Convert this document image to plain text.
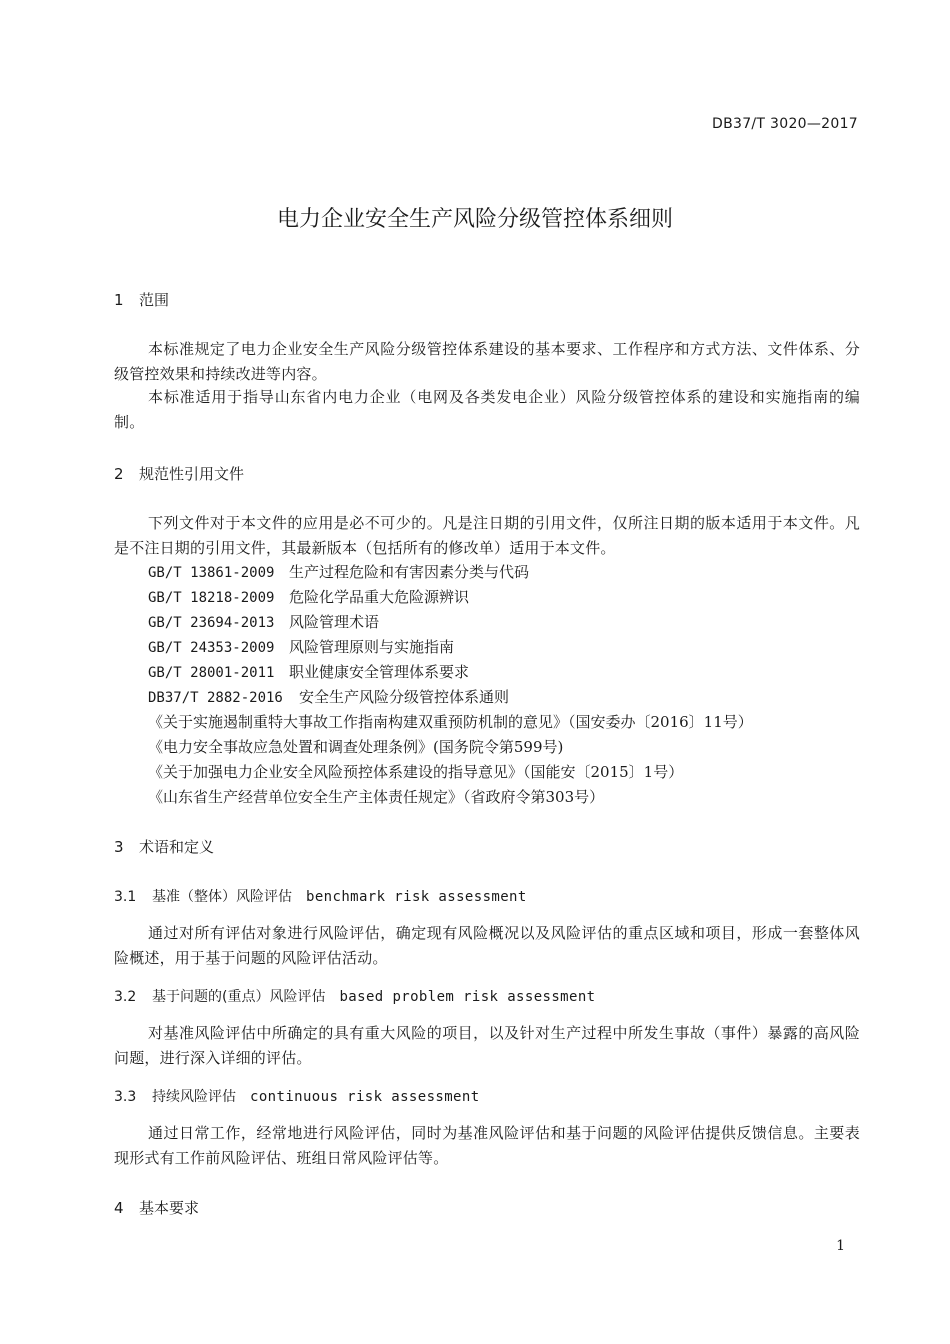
DB37/T 3020—2017
电力企业安全生产风险分级管控体系细则
1 范围
本标准规定了电力企业安全生产风险分级管控体系建设的基本要求、工作程序和方式方法、文件体系、分级管控效果和持续改进等内容。
本标准适用于指导山东省内电力企业（电网及各类发电企业）风险分级管控体系的建设和实施指南的编制。
2 规范性引用文件
下列文件对于本文件的应用是必不可少的。凡是注日期的引用文件，仅所注日期的版本适用于本文件。凡是不注日期的引用文件，其最新版本（包括所有的修改单）适用于本文件。
GB/T 13861-2009 生产过程危险和有害因素分类与代码
GB/T 18218-2009 危险化学品重大危险源辨识
GB/T 23694-2013 风险管理术语
GB/T 24353-2009 风险管理原则与实施指南
GB/T 28001-2011 职业健康安全管理体系要求
DB37/T 2882-2016 安全生产风险分级管控体系通则
《关于实施遏制重特大事故工作指南构建双重预防机制的意见》（国安委办〔2016〕11号）
《电力安全事故应急处置和调查处理条例》(国务院令第599号)
《关于加强电力企业安全风险预控体系建设的指导意见》（国能安〔2015〕1号）
《山东省生产经营单位安全生产主体责任规定》（省政府令第303号）
3 术语和定义
3.1 基准（整体）风险评估 benchmark risk assessment
通过对所有评估对象进行风险评估，确定现有风险概况以及风险评估的重点区域和项目，形成一套整体风险概述，用于基于问题的风险评估活动。
3.2 基于问题的(重点）风险评估 based problem risk assessment
对基准风险评估中所确定的具有重大风险的项目，以及针对生产过程中所发生事故（事件）暴露的高风险问题，进行深入详细的评估。
3.3 持续风险评估 continuous risk assessment
通过日常工作，经常地进行风险评估，同时为基准风险评估和基于问题的风险评估提供反馈信息。主要表现形式有工作前风险评估、班组日常风险评估等。
4 基本要求
1
